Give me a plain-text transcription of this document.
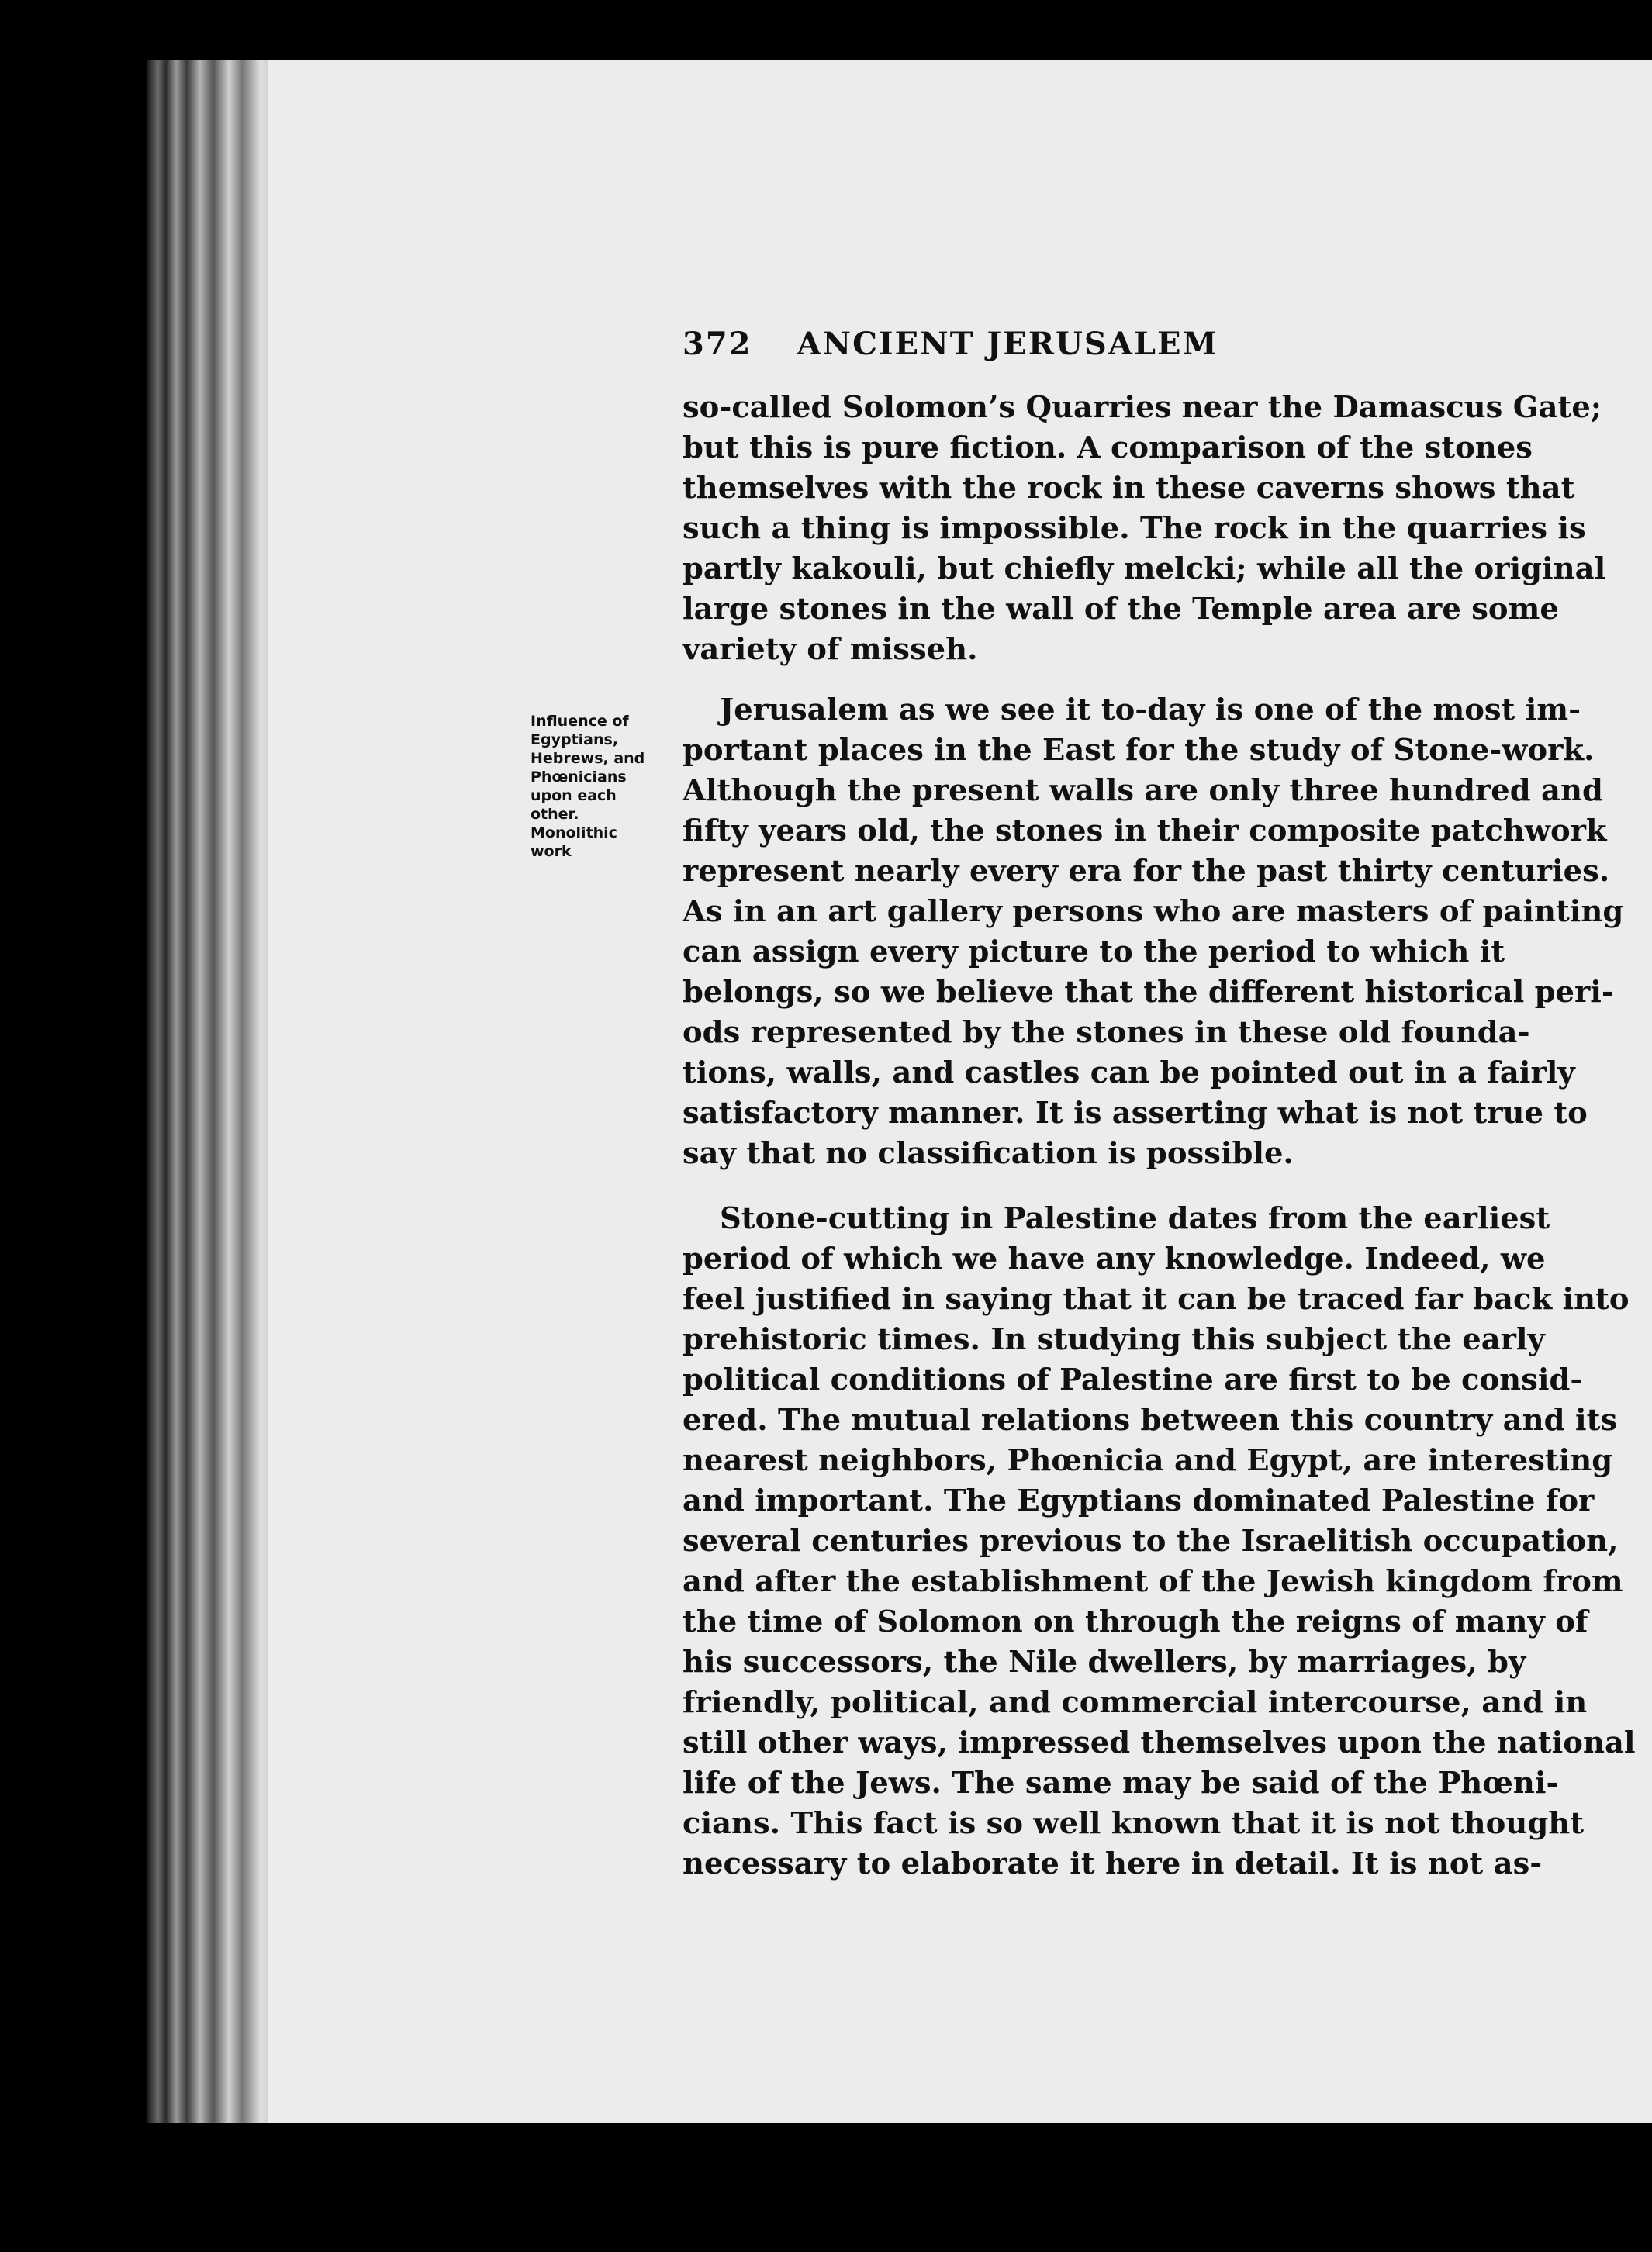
372 ANCIENT JERUSALEM
Influence of
Egyptians,
Hebrews, and
Phœnicians
upon each
other.
Monolithic
work
so-called Solomon’s Quarries near the Damascus Gate;
but this is pure fiction. A comparison of the stones
themselves with the rock in these caverns shows that
such a thing is impossible. The rock in the quarries is
partly kakouli, but chiefly melcki; while all the original
large stones in the wall of the Temple area are some
variety of misseh.
Jerusalem as we see it to-day is one of the most im-
portant places in the East for the study of Stone-work.
Although the present walls are only three hundred and
fifty years old, the stones in their composite patchwork
represent nearly every era for the past thirty centuries.
As in an art gallery persons who are masters of painting
can assign every picture to the period to which it
belongs, so we believe that the different historical peri-
ods represented by the stones in these old founda-
tions, walls, and castles can be pointed out in a fairly
satisfactory manner. It is asserting what is not true to
say that no classification is possible.
Stone-cutting in Palestine dates from the earliest
period of which we have any knowledge. Indeed, we
feel justified in saying that it can be traced far back into
prehistoric times. In studying this subject the early
political conditions of Palestine are first to be consid-
ered. The mutual relations between this country and its
nearest neighbors, Phœnicia and Egypt, are interesting
and important. The Egyptians dominated Palestine for
several centuries previous to the Israelitish occupation,
and after the establishment of the Jewish kingdom from
the time of Solomon on through the reigns of many of
his successors, the Nile dwellers, by marriages, by
friendly, political, and commercial intercourse, and in
still other ways, impressed themselves upon the national
life of the Jews. The same may be said of the Phœni-
cians. This fact is so well known that it is not thought
necessary to elaborate it here in detail. It is not as-
